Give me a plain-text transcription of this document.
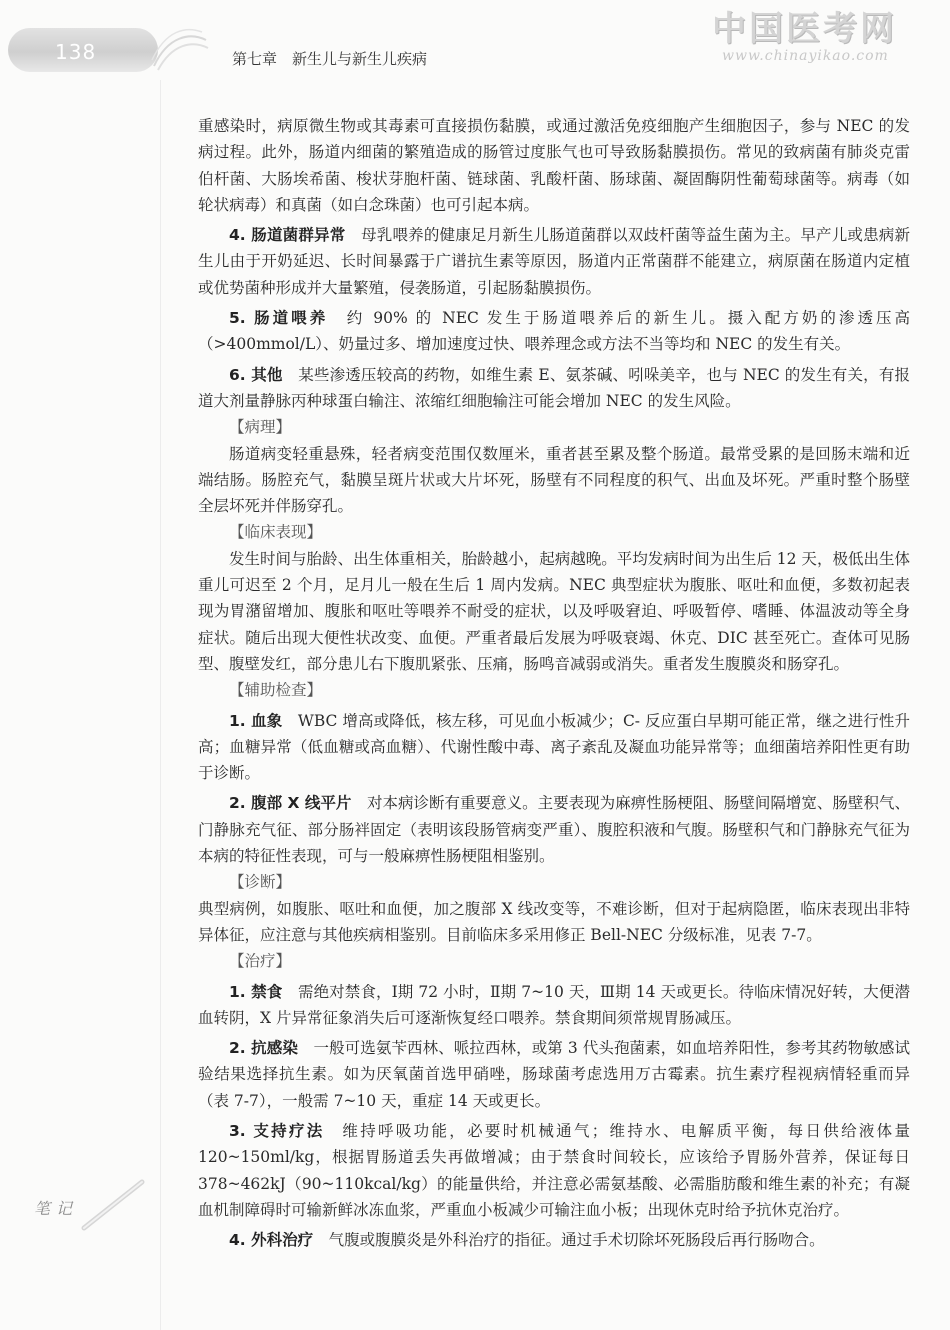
138	第七章　新生儿与新生儿疾病
中国医考网
www.chinayikao.com

重感染时，病原微生物或其毒素可直接损伤黏膜，或通过激活免疫细胞产生细胞因子，参与 NEC 的发病过程。此外，肠道内细菌的繁殖造成的肠管过度胀气也可导致肠黏膜损伤。常见的致病菌有肺炎克雷伯杆菌、大肠埃希菌、梭状芽胞杆菌、链球菌、乳酸杆菌、肠球菌、凝固酶阴性葡萄球菌等。病毒（如轮状病毒）和真菌（如白念珠菌）也可引起本病。

4. 肠道菌群异常　母乳喂养的健康足月新生儿肠道菌群以双歧杆菌等益生菌为主。早产儿或患病新生儿由于开奶延迟、长时间暴露于广谱抗生素等原因，肠道内正常菌群不能建立，病原菌在肠道内定植或优势菌种形成并大量繁殖，侵袭肠道，引起肠黏膜损伤。

5. 肠道喂养　约 90% 的 NEC 发生于肠道喂养后的新生儿。摄入配方奶的渗透压高（>400mmol/L）、奶量过多、增加速度过快、喂养理念或方法不当等均和 NEC 的发生有关。

6. 其他　某些渗透压较高的药物，如维生素 E、氨茶碱、吲哚美辛，也与 NEC 的发生有关，有报道大剂量静脉丙种球蛋白输注、浓缩红细胞输注可能会增加 NEC 的发生风险。

【病理】

肠道病变轻重悬殊，轻者病变范围仅数厘米，重者甚至累及整个肠道。最常受累的是回肠末端和近端结肠。肠腔充气，黏膜呈斑片状或大片坏死，肠壁有不同程度的积气、出血及坏死。严重时整个肠壁全层坏死并伴肠穿孔。

【临床表现】

发生时间与胎龄、出生体重相关，胎龄越小，起病越晚。平均发病时间为出生后 12 天，极低出生体重儿可迟至 2 个月，足月儿一般在生后 1 周内发病。NEC 典型症状为腹胀、呕吐和血便，多数初起表现为胃潴留增加、腹胀和呕吐等喂养不耐受的症状，以及呼吸窘迫、呼吸暂停、嗜睡、体温波动等全身症状。随后出现大便性状改变、血便。严重者最后发展为呼吸衰竭、休克、DIC 甚至死亡。查体可见肠型、腹壁发红，部分患儿右下腹肌紧张、压痛，肠鸣音减弱或消失。重者发生腹膜炎和肠穿孔。

【辅助检查】

1. 血象　WBC 增高或降低，核左移，可见血小板减少；C- 反应蛋白早期可能正常，继之进行性升高；血糖异常（低血糖或高血糖）、代谢性酸中毒、离子紊乱及凝血功能异常等；血细菌培养阳性更有助于诊断。

2. 腹部 X 线平片　对本病诊断有重要意义。主要表现为麻痹性肠梗阻、肠壁间隔增宽、肠壁积气、门静脉充气征、部分肠袢固定（表明该段肠管病变严重）、腹腔积液和气腹。肠壁积气和门静脉充气征为本病的特征性表现，可与一般麻痹性肠梗阻相鉴别。

【诊断】

典型病例，如腹胀、呕吐和血便，加之腹部 X 线改变等，不难诊断，但对于起病隐匿，临床表现出非特异体征，应注意与其他疾病相鉴别。目前临床多采用修正 Bell-NEC 分级标准，见表 7-7。

【治疗】

1. 禁食　需绝对禁食，Ⅰ期 72 小时，Ⅱ期 7~10 天，Ⅲ期 14 天或更长。待临床情况好转，大便潜血转阴，X 片异常征象消失后可逐渐恢复经口喂养。禁食期间须常规胃肠减压。

2. 抗感染　一般可选氨苄西林、哌拉西林，或第 3 代头孢菌素，如血培养阳性，参考其药物敏感试验结果选择抗生素。如为厌氧菌首选甲硝唑，肠球菌考虑选用万古霉素。抗生素疗程视病情轻重而异（表 7-7），一般需 7~10 天，重症 14 天或更长。

3. 支持疗法　维持呼吸功能，必要时机械通气；维持水、电解质平衡，每日供给液体量 120~150ml/kg，根据胃肠道丢失再做增减；由于禁食时间较长，应该给予胃肠外营养，保证每日 378~462kJ（90~110kcal/kg）的能量供给，并注意必需氨基酸、必需脂肪酸和维生素的补充；有凝血机制障碍时可输新鲜冰冻血浆，严重血小板减少可输注血小板；出现休克时给予抗休克治疗。

4. 外科治疗　气腹或腹膜炎是外科治疗的指征。通过手术切除坏死肠段后再行肠吻合。

笔记
